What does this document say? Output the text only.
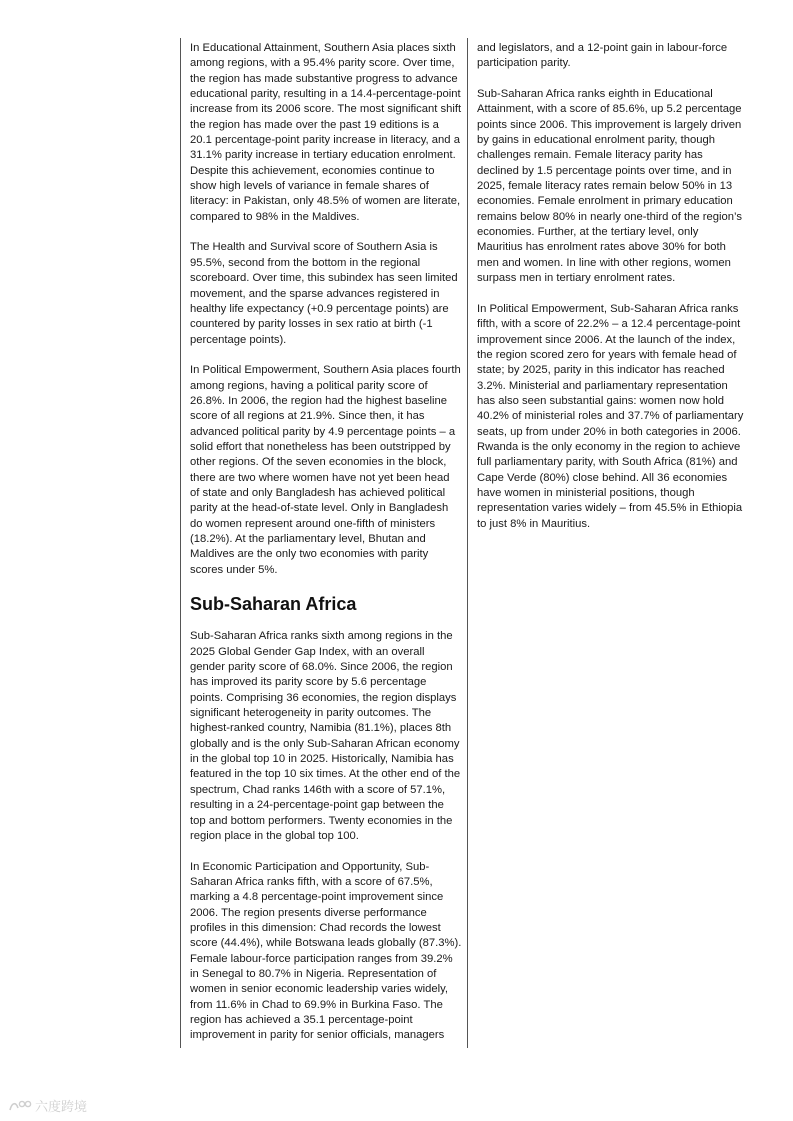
In Educational Attainment, Southern Asia places sixth among regions, with a 95.4% parity score. Over time, the region has made substantive progress to advance educational parity, resulting in a 14.4-percentage-point increase from its 2006 score. The most significant shift the region has made over the past 19 editions is a 20.1 percentage-point parity increase in literacy, and a 31.1% parity increase in tertiary education enrolment. Despite this achievement, economies continue to show high levels of variance in female shares of literacy: in Pakistan, only 48.5% of women are literate, compared to 98% in the Maldives.

The Health and Survival score of Southern Asia is 95.5%, second from the bottom in the regional scoreboard. Over time, this subindex has seen limited movement, and the sparse advances registered in healthy life expectancy (+0.9 percentage points) are countered by parity losses in sex ratio at birth (-1 percentage points).

In Political Empowerment, Southern Asia places fourth among regions, having a political parity score of 26.8%. In 2006, the region had the highest baseline score of all regions at 21.9%. Since then, it has advanced political parity by 4.9 percentage points – a solid effort that nonetheless has been outstripped by other regions. Of the seven economies in the block, there are two where women have not yet been head of state and only Bangladesh has achieved political parity at the head-of-state level. Only in Bangladesh do women represent around one-fifth of ministers (18.2%). At the parliamentary level, Bhutan and Maldives are the only two economies with parity scores under 5%.

Sub-Saharan Africa

Sub-Saharan Africa ranks sixth among regions in the 2025 Global Gender Gap Index, with an overall gender parity score of 68.0%. Since 2006, the region has improved its parity score by 5.6 percentage points. Comprising 36 economies, the region displays significant heterogeneity in parity outcomes. The highest-ranked country, Namibia (81.1%), places 8th globally and is the only Sub-Saharan African economy in the global top 10 in 2025. Historically, Namibia has featured in the top 10 six times. At the other end of the spectrum, Chad ranks 146th with a score of 57.1%, resulting in a 24-percentage-point gap between the top and bottom performers. Twenty economies in the region place in the global top 100.

In Economic Participation and Opportunity, Sub-Saharan Africa ranks fifth, with a score of 67.5%, marking a 4.8 percentage-point improvement since 2006. The region presents diverse performance profiles in this dimension: Chad records the lowest score (44.4%), while Botswana leads globally (87.3%). Female labour-force participation ranges from 39.2% in Senegal to 80.7% in Nigeria. Representation of women in senior economic leadership varies widely, from 11.6% in Chad to 69.9% in Burkina Faso. The region has achieved a 35.1 percentage-point improvement in parity for senior officials, managers

and legislators, and a 12-point gain in labour-force participation parity.

Sub-Saharan Africa ranks eighth in Educational Attainment, with a score of 85.6%, up 5.2 percentage points since 2006. This improvement is largely driven by gains in educational enrolment parity, though challenges remain. Female literacy parity has declined by 1.5 percentage points over time, and in 2025, female literacy rates remain below 50% in 13 economies. Female enrolment in primary education remains below 80% in nearly one-third of the region’s economies. Further, at the tertiary level, only Mauritius has enrolment rates above 30% for both men and women. In line with other regions, women surpass men in tertiary enrolment rates.

In Political Empowerment, Sub-Saharan Africa ranks fifth, with a score of 22.2% – a 12.4 percentage-point improvement since 2006. At the launch of the index, the region scored zero for years with female head of state; by 2025, parity in this indicator has reached 3.2%. Ministerial and parliamentary representation has also seen substantial gains: women now hold 40.2% of ministerial roles and 37.7% of parliamentary seats, up from under 20% in both categories in 2006. Rwanda is the only economy in the region to achieve full parliamentary parity, with South Africa (81%) and Cape Verde (80%) close behind. All 36 economies have women in ministerial positions, though representation varies widely – from 45.5% in Ethiopia to just 8% in Mauritius.

六度跨境
